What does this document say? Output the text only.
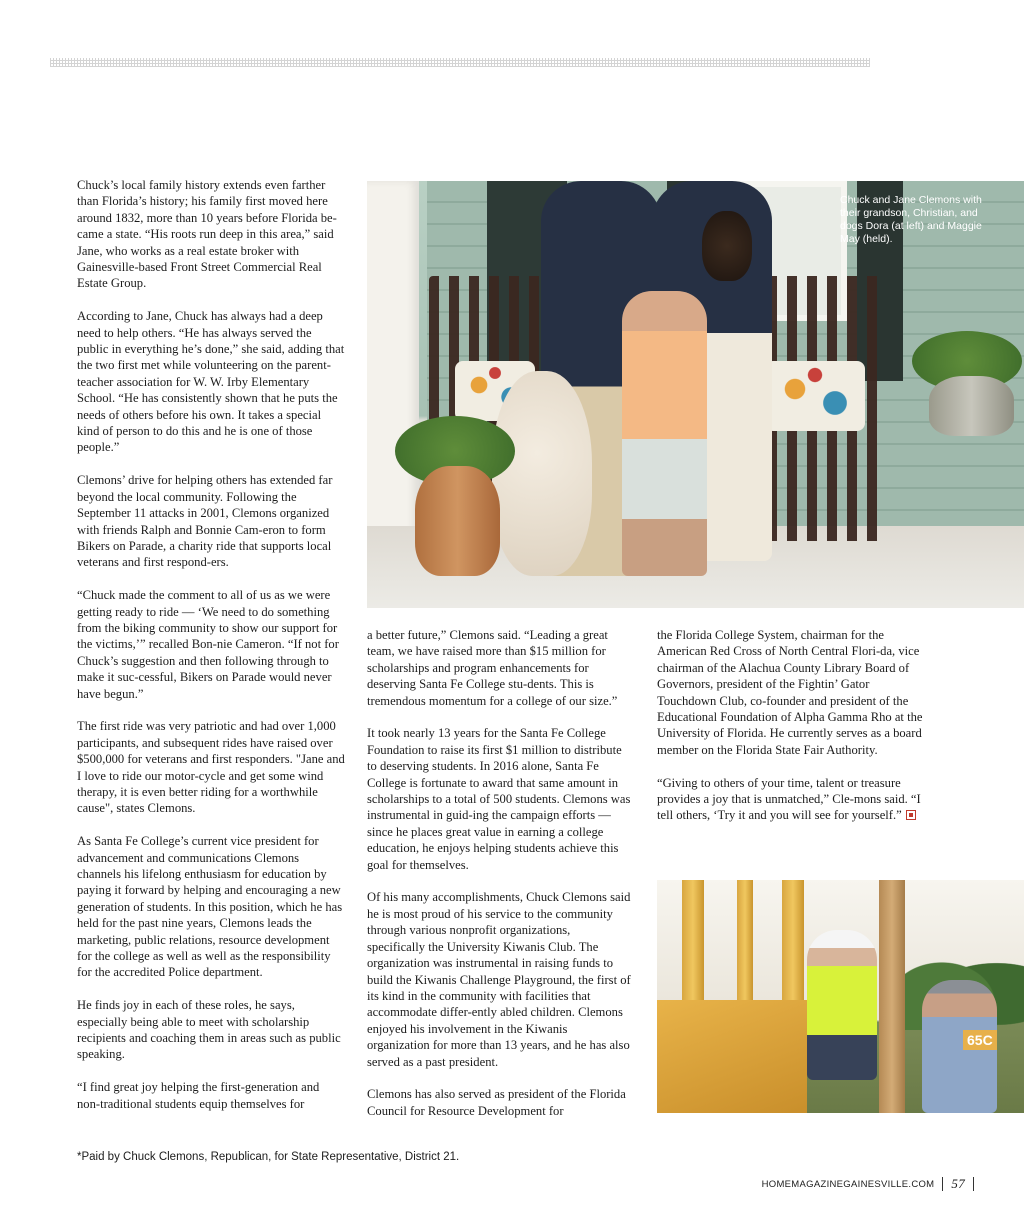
Chuck’s local family history extends even farther than Florida’s history; his family first moved here around 1832, more than 10 years before Florida be-came a state. “His roots run deep in this area,” said Jane, who works as a real estate broker with Gainesville-based Front Street Commercial Real Estate Group.

According to Jane, Chuck has always had a deep need to help others. “He has always served the public in everything he’s done,” she said, adding that the two first met while volunteering on the parent-teacher association for W. W. Irby Elementary School. “He has consistently shown that he puts the needs of others before his own. It takes a special kind of person to do this and he is one of those people.”

Clemons’ drive for helping others has extended far beyond the local community. Following the September 11 attacks in 2001, Clemons organized with friends Ralph and Bonnie Cam-eron to form Bikers on Parade, a charity ride that supports local veterans and first respond-ers.

“Chuck made the comment to all of us as we were getting ready to ride — ‘We need to do something from the biking community to show our support for the victims,’” recalled Bon-nie Cameron. “If not for Chuck’s suggestion and then following through to make it suc-cessful, Bikers on Parade would never have begun.”

The first ride was very patriotic and had over 1,000 participants, and subsequent rides have raised over $500,000 for veterans and first responders. "Jane and I love to ride our motor-cycle and get some wind therapy, it is even better riding for a worthwhile cause", states Clemons.

As Santa Fe College’s current vice president for advancement and communications Clemons channels his lifelong enthusiasm for education by paying it forward by helping and encouraging a new generation of students. In this position, which he has held for the past nine years, Clemons leads the marketing, public relations, resource development for the college as well as well as the responsibility for the accredited Police department.

He finds joy in each of these roles, he says, especially being able to meet with scholarship recipients and coaching them in areas such as public speaking.

“I find great joy helping the first-generation and non-traditional students equip themselves for

Chuck and Jane Clemons with their grandson, Christian, and dogs Dora (at left) and Maggie May (held).

a better future,” Clemons said. “Leading a great team, we have raised more than $15 million for scholarships and program enhancements for deserving Santa Fe College stu-dents. This is tremendous momentum for a college of our size.”

It took nearly 13 years for the Santa Fe College Foundation to raise its first $1 million to distribute to deserving students. In 2016 alone, Santa Fe College is fortunate to award that same amount in scholarships to a total of 500 students. Clemons was instrumental in guid-ing the campaign efforts — since he places great value in earning a college education, he enjoys helping students achieve this goal for themselves.

Of his many accomplishments, Chuck Clemons said he is most proud of his service to the community through various nonprofit organizations, specifically the University Kiwanis Club. The organization was instrumental in raising funds to build the Kiwanis Challenge Playground, the first of its kind in the community with facilities that accommodate differ-ently abled children. Clemons enjoyed his involvement in the Kiwanis organization for more than 13 years, and he has also served as a past president.

Clemons has also served as president of the Florida Council for Resource Development for

the Florida College System, chairman for the American Red Cross of North Central Flori-da, vice chairman of the Alachua County Library Board of Governors, president of the Fightin’ Gator Touchdown Club, co-founder and president of the Educational Foundation of Alpha Gamma Rho at the University of Florida. He currently serves as a board member on the Florida State Fair Authority.

“Giving to others of your time, talent or treasure provides a joy that is unmatched,” Cle-mons said. “I tell others, ‘Try it and you will see for yourself.”

65C
*Paid by Chuck Clemons, Republican, for State Representative, District 21.
HOMEMAGAZINEGAINESVILLE.COM 57
